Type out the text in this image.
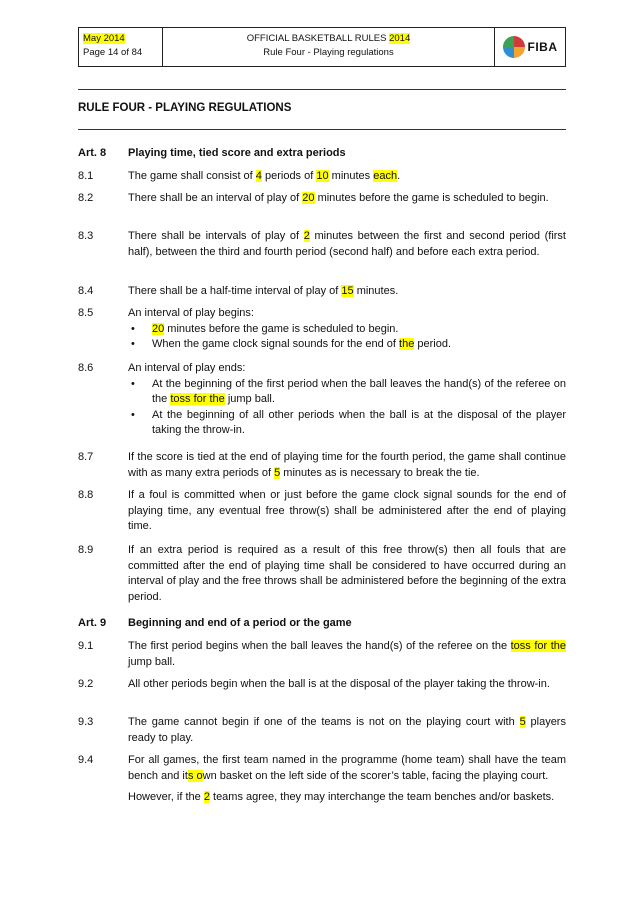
May 2014
Page 14 of 84
OFFICIAL BASKETBALL RULES 2014
Rule Four - Playing regulations	FIBA
RULE FOUR - PLAYING REGULATIONS
Art. 8	Playing time, tied score and extra periods
8.1	The game shall consist of 4 periods of 10 minutes each.
8.2	There shall be an interval of play of 20 minutes before the game is scheduled to begin.
8.3	There shall be intervals of play of 2 minutes between the first and second period (first half), between the third and fourth period (second half) and before each extra period.
8.4	There shall be a half-time interval of play of 15 minutes.
8.5	An interval of play begins:
• 20 minutes before the game is scheduled to begin.
• When the game clock signal sounds for the end of the period.
8.6	An interval of play ends:
• At the beginning of the first period when the ball leaves the hand(s) of the referee on the toss for the jump ball.
• At the beginning of all other periods when the ball is at the disposal of the player taking the throw-in.
8.7	If the score is tied at the end of playing time for the fourth period, the game shall continue with as many extra periods of 5 minutes as is necessary to break the tie.
8.8	If a foul is committed when or just before the game clock signal sounds for the end of playing time, any eventual free throw(s) shall be administered after the end of playing time.
8.9	If an extra period is required as a result of this free throw(s) then all fouls that are committed after the end of playing time shall be considered to have occurred during an interval of play and the free throws shall be administered before the beginning of the extra period.
Art. 9	Beginning and end of a period or the game
9.1	The first period begins when the ball leaves the hand(s) of the referee on the toss for the jump ball.
9.2	All other periods begin when the ball is at the disposal of the player taking the throw-in.
9.3	The game cannot begin if one of the teams is not on the playing court with 5 players ready to play.
9.4	For all games, the first team named in the programme (home team) shall have the team bench and its own basket on the left side of the scorer’s table, facing the playing court.
However, if the 2 teams agree, they may interchange the team benches and/or baskets.
